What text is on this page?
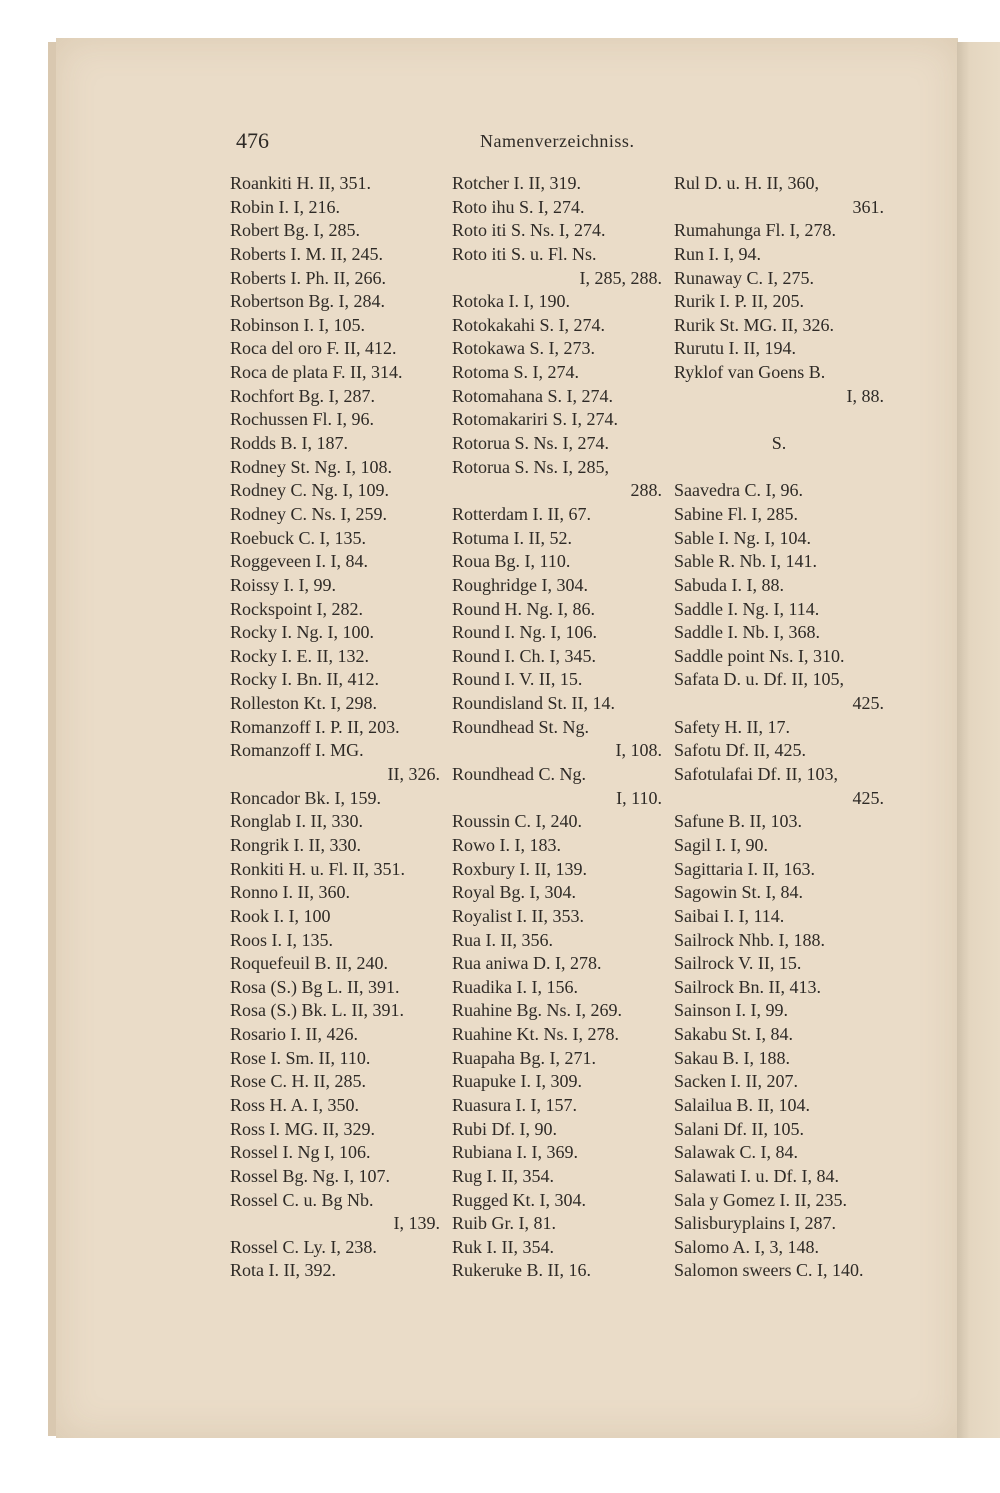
476	Namenverzeichniss.
Roankiti H. II, 351.
Robin I. I, 216.
Robert Bg. I, 285.
Roberts I. M. II, 245.
Roberts I. Ph. II, 266.
Robertson Bg. I, 284.
Robinson I. I, 105.
Roca del oro F. II, 412.
Roca de plata F. II, 314.
Rochfort Bg. I, 287.
Rochussen Fl. I, 96.
Rodds B. I, 187.
Rodney St. Ng. I, 108.
Rodney C. Ng. I, 109.
Rodney C. Ns. I, 259.
Roebuck C. I, 135.
Roggeveen I. I, 84.
Roissy I. I, 99.
Rockspoint I, 282.
Rocky I. Ng. I, 100.
Rocky I. E. II, 132.
Rocky I. Bn. II, 412.
Rolleston Kt. I, 298.
Romanzoff I. P. II, 203.
Romanzoff I. MG.
II, 326.
Roncador Bk. I, 159.
Ronglab I. II, 330.
Rongrik I. II, 330.
Ronkiti H. u. Fl. II, 351.
Ronno I. II, 360.
Rook I. I, 100
Roos I. I, 135.
Roquefeuil B. II, 240.
Rosa (S.) Bg L. II, 391.
Rosa (S.) Bk. L. II, 391.
Rosario I. II, 426.
Rose I. Sm. II, 110.
Rose C. H. II, 285.
Ross H. A. I, 350.
Ross I. MG. II, 329.
Rossel I. Ng I, 106.
Rossel Bg. Ng. I, 107.
Rossel C. u. Bg Nb.
I, 139.
Rossel C. Ly. I, 238.
Rota I. II, 392.
Rotcher I. II, 319.
Roto ihu S. I, 274.
Roto iti S. Ns. I, 274.
Roto iti S. u. Fl. Ns.
I, 285, 288.
Rotoka I. I, 190.
Rotokakahi S. I, 274.
Rotokawa S. I, 273.
Rotoma S. I, 274.
Rotomahana S. I, 274.
Rotomakariri S. I, 274.
Rotorua S. Ns. I, 274.
Rotorua S. Ns. I, 285,
288.
Rotterdam I. II, 67.
Rotuma I. II, 52.
Roua Bg. I, 110.
Roughridge I, 304.
Round H. Ng. I, 86.
Round I. Ng. I, 106.
Round I. Ch. I, 345.
Round I. V. II, 15.
Roundisland St. II, 14.
Roundhead St. Ng.
I, 108.
Roundhead C. Ng.
I, 110.
Roussin C. I, 240.
Rowo I. I, 183.
Roxbury I. II, 139.
Royal Bg. I, 304.
Royalist I. II, 353.
Rua I. II, 356.
Rua aniwa D. I, 278.
Ruadika I. I, 156.
Ruahine Bg. Ns. I, 269.
Ruahine Kt. Ns. I, 278.
Ruapaha Bg. I, 271.
Ruapuke I. I, 309.
Ruasura I. I, 157.
Rubi Df. I, 90.
Rubiana I. I, 369.
Rug I. II, 354.
Rugged Kt. I, 304.
Ruib Gr. I, 81.
Ruk I. II, 354.
Rukeruke B. II, 16.
Rul D. u. H. II, 360,
361.
Rumahunga Fl. I, 278.
Run I. I, 94.
Runaway C. I, 275.
Rurik I. P. II, 205.
Rurik St. MG. II, 326.
Rurutu I. II, 194.
Ryklof van Goens B.
I, 88.
S.
Saavedra C. I, 96.
Sabine Fl. I, 285.
Sable I. Ng. I, 104.
Sable R. Nb. I, 141.
Sabuda I. I, 88.
Saddle I. Ng. I, 114.
Saddle I. Nb. I, 368.
Saddle point Ns. I, 310.
Safata D. u. Df. II, 105,
425.
Safety H. II, 17.
Safotu Df. II, 425.
Safotulafai Df. II, 103,
425.
Safune B. II, 103.
Sagil I. I, 90.
Sagittaria I. II, 163.
Sagowin St. I, 84.
Saibai I. I, 114.
Sailrock Nhb. I, 188.
Sailrock V. II, 15.
Sailrock Bn. II, 413.
Sainson I. I, 99.
Sakabu St. I, 84.
Sakau B. I, 188.
Sacken I. II, 207.
Salailua B. II, 104.
Salani Df. II, 105.
Salawak C. I, 84.
Salawati I. u. Df. I, 84.
Sala y Gomez I. II, 235.
Salisburyplains I, 287.
Salomo A. I, 3, 148.
Salomon sweers C. I, 140.
